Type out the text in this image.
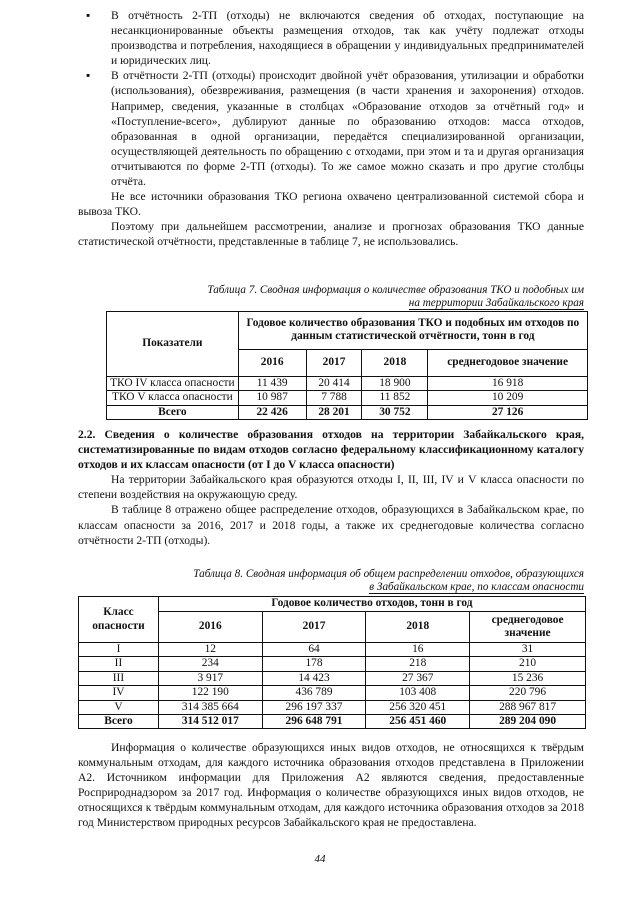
▪ В отчётность 2-ТП (отходы) не включаются сведения об отходах, поступающие на несанкционированные объекты размещения отходов, так как учёту подлежат отходы производства и потребления, находящиеся в обращении у индивидуальных предпринимателей и юридических лиц.

▪ В отчётности 2-ТП (отходы) происходит двойной учёт образования, утилизации и обработки (использования), обезвреживания, размещения (в части хранения и захоронения) отходов. Например, сведения, указанные в столбцах «Образование отходов за отчётный год» и «Поступление-всего», дублируют данные по образованию отходов: масса отходов, образованная в одной организации, передаётся специализированной организации, осуществляющей деятельность по обращению с отходами, при этом и та и другая организация отчитываются по форме 2-ТП (отходы). То же самое можно сказать и про другие столбцы отчёта.

Не все источники образования ТКО региона охвачено централизованной системой сбора и вывоза ТКО.

Поэтому при дальнейшем рассмотрении, анализе и прогнозах образования ТКО данные статистической отчётности, представленные в таблице 7, не использовались.

Таблица 7. Сводная информация о количестве образования ТКО и подобных им

на территории Забайкальского края

Показатели	Годовое количество образования ТКО и подобных им отходов по данным статистической отчётности, тонн в год			
	2016	2017	2018	среднегодовое значение
ТКО IV класса опасности	11 439	20 414	18 900	16 918
ТКО V класса опасности	10 987	7 788	11 852	10 209
Всего	22 426	28 201	30 752	27 126

2.2. Сведения о количестве образования отходов на территории Забайкальского края, систематизированные по видам отходов согласно федеральному классификационному каталогу отходов и их классам опасности (от I до V класса опасности)

На территории Забайкальского края образуются отходы I, II, III, IV и V класса опасности по степени воздействия на окружающую среду.

В таблице 8 отражено общее распределение отходов, образующихся в Забайкальском крае, по классам опасности за 2016, 2017 и 2018 годы, а также их среднегодовые количества согласно отчётности 2-ТП (отходы).

Таблица 8. Сводная информация об общем распределении отходов, образующихся

в Забайкальском крае, по классам опасности

Класс опасности	Годовое количество отходов, тонн в год			
	2016	2017	2018	среднегодовое значение
I	12	64	16	31
II	234	178	218	210
III	3 917	14 423	27 367	15 236
IV	122 190	436 789	103 408	220 796
V	314 385 664	296 197 337	256 320 451	288 967 817
Всего	314 512 017	296 648 791	256 451 460	289 204 090

Информация о количестве образующихся иных видов отходов, не относящихся к твёрдым коммунальным отходам, для каждого источника образования отходов представлена в Приложении А2. Источником информации для Приложения А2 являются сведения, предоставленные Росприроднадзором за 2017 год. Информация о количестве образующихся иных видов отходов, не относящихся к твёрдым коммунальным отходам, для каждого источника образования отходов за 2018 год Министерством природных ресурсов Забайкальского края не предоставлена.

44
